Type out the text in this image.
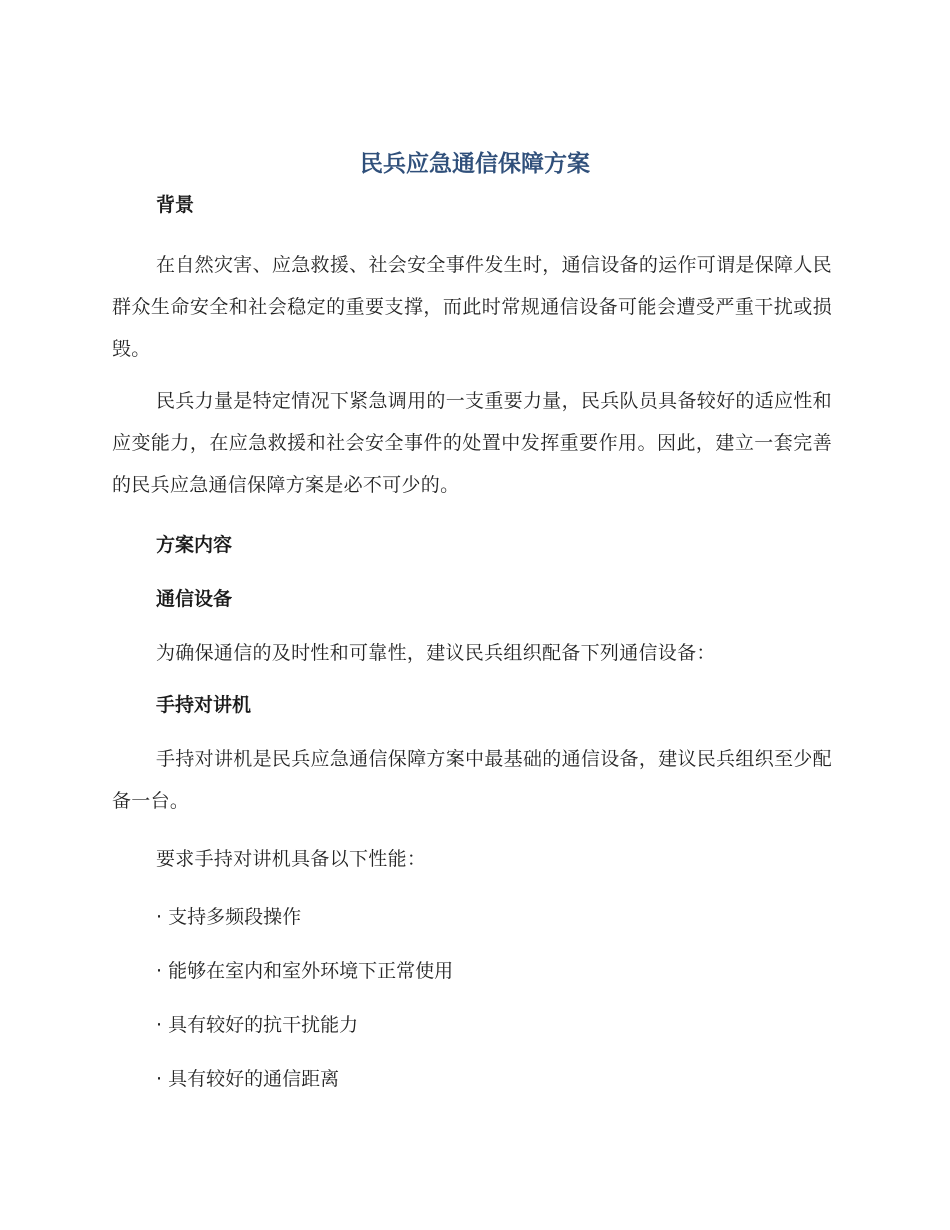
民兵应急通信保障方案

背景

在自然灾害、应急救援、社会安全事件发生时，通信设备的运作可谓是保障人民群众生命安全和社会稳定的重要支撑，而此时常规通信设备可能会遭受严重干扰或损毁。

民兵力量是特定情况下紧急调用的一支重要力量，民兵队员具备较好的适应性和应变能力，在应急救援和社会安全事件的处置中发挥重要作用。因此，建立一套完善的民兵应急通信保障方案是必不可少的。

方案内容

通信设备

为确保通信的及时性和可靠性，建议民兵组织配备下列通信设备：

手持对讲机

手持对讲机是民兵应急通信保障方案中最基础的通信设备，建议民兵组织至少配备一台。

要求手持对讲机具备以下性能：

· 支持多频段操作

· 能够在室内和室外环境下正常使用

· 具有较好的抗干扰能力

· 具有较好的通信距离
